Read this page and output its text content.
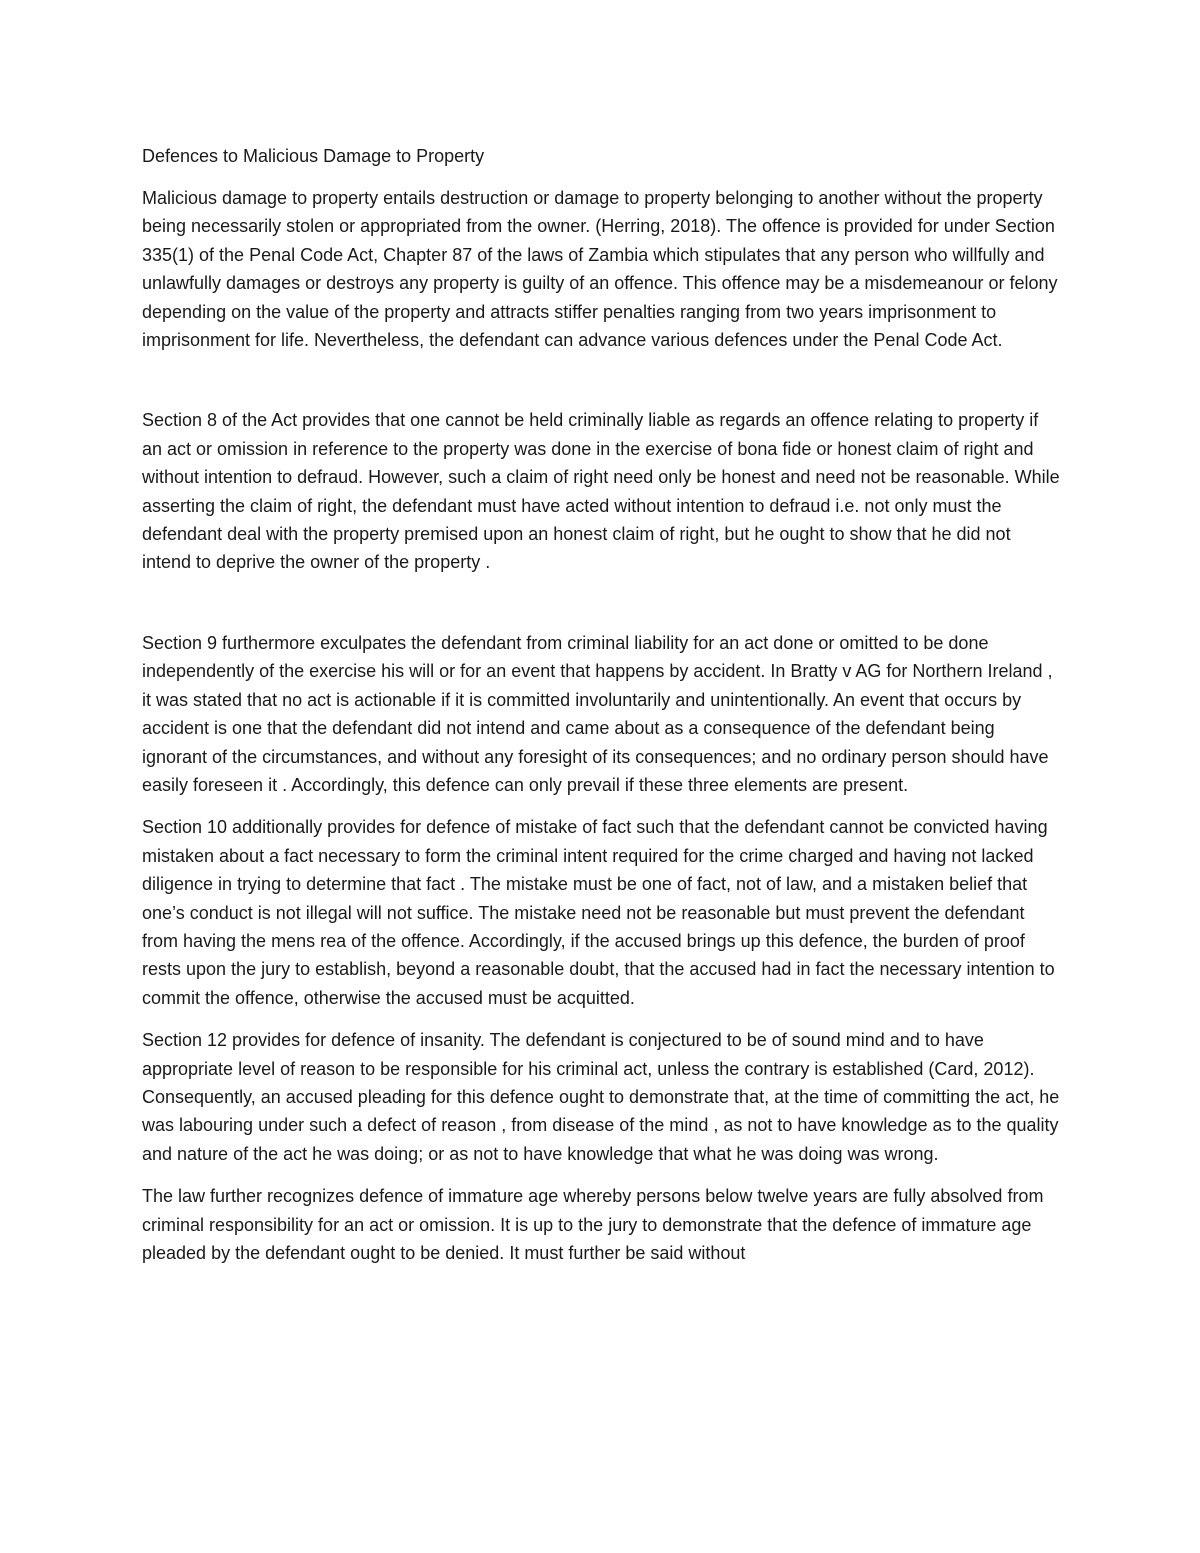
Defences to Malicious Damage to Property

Malicious damage to property entails destruction or damage to property belonging to another without the property being necessarily stolen or appropriated from the owner. (Herring, 2018). The offence is provided for under Section 335(1) of the Penal Code Act, Chapter 87 of the laws of Zambia which stipulates that any person who willfully and unlawfully damages or destroys any property is guilty of an offence. This offence may be a misdemeanour or felony depending on the value of the property and attracts stiffer penalties ranging from two years imprisonment to imprisonment for life. Nevertheless, the defendant can advance various defences under the Penal Code Act.

Section 8 of the Act provides that one cannot be held criminally liable as regards an offence relating to property if an act or omission in reference to the property was done in the exercise of bona fide or honest claim of right and without intention to defraud. However, such a claim of right need only be honest and need not be reasonable. While asserting the claim of right, the defendant must have acted without intention to defraud i.e. not only must the defendant deal with the property premised upon an honest claim of right, but he ought to show that he did not intend to deprive the owner of the property .

Section 9 furthermore exculpates the defendant from criminal liability for an act done or omitted to be done independently of the exercise his will or for an event that happens by accident. In Bratty v AG for Northern Ireland , it was stated that no act is actionable if it is committed involuntarily and unintentionally. An event that occurs by accident is one that the defendant did not intend and came about as a consequence of the defendant being ignorant of the circumstances, and without any foresight of its consequences; and no ordinary person should have easily foreseen it . Accordingly, this defence can only prevail if these three elements are present.

Section 10 additionally provides for defence of mistake of fact such that the defendant cannot be convicted having mistaken about a fact necessary to form the criminal intent required for the crime charged and having not lacked diligence in trying to determine that fact . The mistake must be one of fact, not of law, and a mistaken belief that one’s conduct is not illegal will not suffice. The mistake need not be reasonable but must prevent the defendant from having the mens rea of the offence. Accordingly, if the accused brings up this defence, the burden of proof rests upon the jury to establish, beyond a reasonable doubt, that the accused had in fact the necessary intention to commit the offence, otherwise the accused must be acquitted.

Section 12 provides for defence of insanity. The defendant is conjectured to be of sound mind and to have appropriate level of reason to be responsible for his criminal act, unless the contrary is established (Card, 2012). Consequently, an accused pleading for this defence ought to demonstrate that, at the time of committing the act, he was labouring under such a defect of reason , from disease of the mind , as not to have knowledge as to the quality and nature of the act he was doing; or as not to have knowledge that what he was doing was wrong.

The law further recognizes defence of immature age whereby persons below twelve years are fully absolved from criminal responsibility for an act or omission. It is up to the jury to demonstrate that the defence of immature age pleaded by the defendant ought to be denied. It must further be said without
